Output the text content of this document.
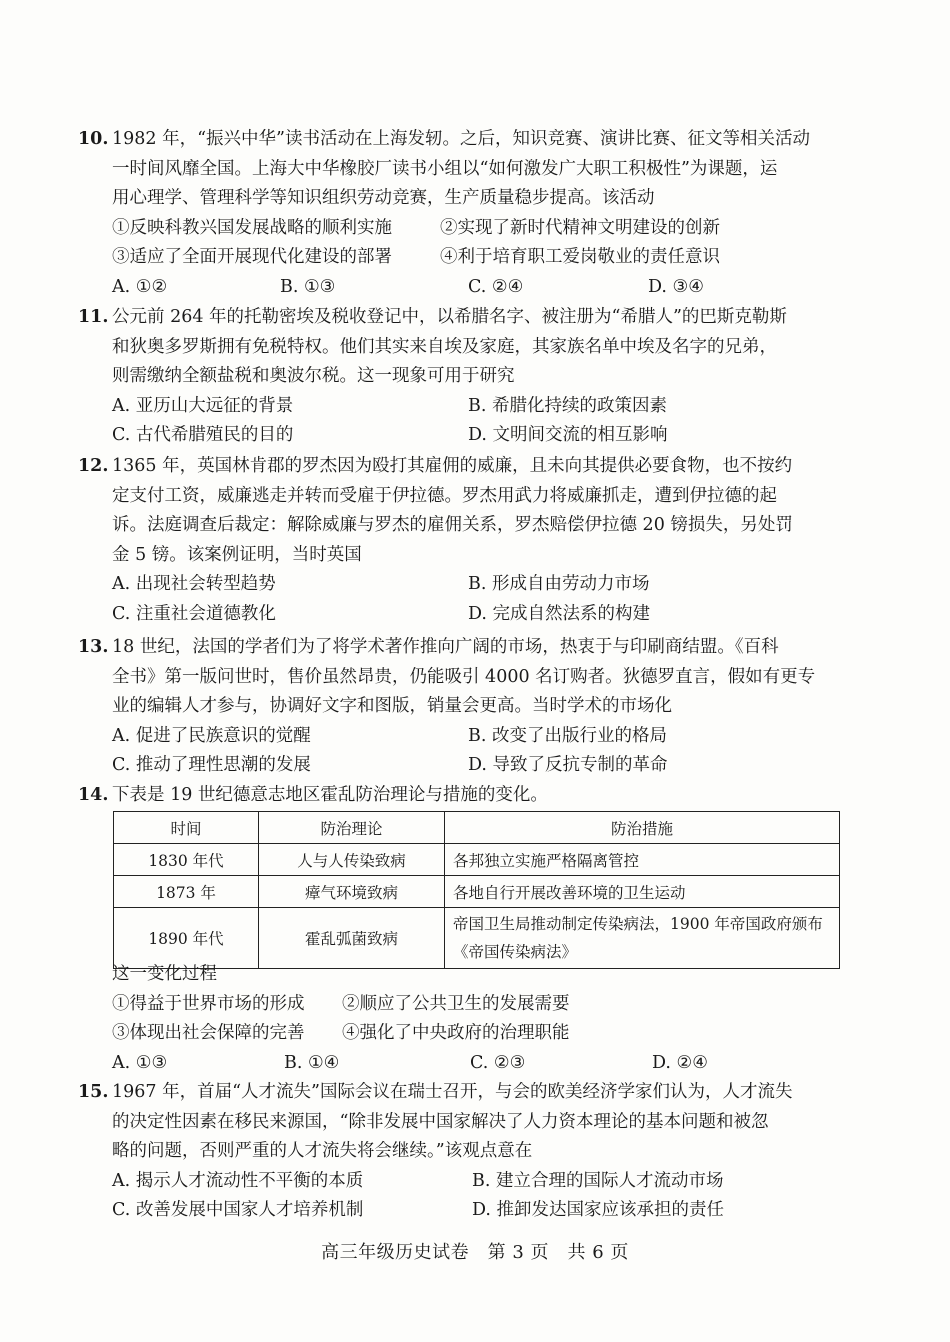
10. 1982 年，“振兴中华”读书活动在上海发轫。之后，知识竞赛、演讲比赛、征文等相关活动
一时间风靡全国。上海大中华橡胶厂读书小组以“如何激发广大职工积极性”为课题，运
用心理学、管理科学等知识组织劳动竞赛，生产质量稳步提高。该活动
①反映科教兴国发展战略的顺利实施	②实现了新时代精神文明建设的创新
③适应了全面开展现代化建设的部署	④利于培育职工爱岗敬业的责任意识
A. ①②	B. ①③	C. ②④	D. ③④
11. 公元前 264 年的托勒密埃及税收登记中，以希腊名字、被注册为“希腊人”的巴斯克勒斯
和狄奥多罗斯拥有免税特权。他们其实来自埃及家庭，其家族名单中埃及名字的兄弟，
则需缴纳全额盐税和奥波尔税。这一现象可用于研究
A. 亚历山大远征的背景	B. 希腊化持续的政策因素
C. 古代希腊殖民的目的	D. 文明间交流的相互影响
12. 1365 年，英国林肯郡的罗杰因为殴打其雇佣的威廉，且未向其提供必要食物，也不按约
定支付工资，威廉逃走并转而受雇于伊拉德。罗杰用武力将威廉抓走，遭到伊拉德的起
诉。法庭调查后裁定：解除威廉与罗杰的雇佣关系，罗杰赔偿伊拉德 20 镑损失，另处罚
金 5 镑。该案例证明，当时英国
A. 出现社会转型趋势	B. 形成自由劳动力市场
C. 注重社会道德教化	D. 完成自然法系的构建
13. 18 世纪，法国的学者们为了将学术著作推向广阔的市场，热衷于与印刷商结盟。《百科
全书》第一版问世时，售价虽然昂贵，仍能吸引 4000 名订购者。狄德罗直言，假如有更专
业的编辑人才参与，协调好文字和图版，销量会更高。当时学术的市场化
A. 促进了民族意识的觉醒	B. 改变了出版行业的格局
C. 推动了理性思潮的发展	D. 导致了反抗专制的革命
14. 下表是 19 世纪德意志地区霍乱防治理论与措施的变化。
时间	防治理论	防治措施
1830 年代	人与人传染致病	各邦独立实施严格隔离管控
1873 年	瘴气环境致病	各地自行开展改善环境的卫生运动
1890 年代	霍乱弧菌致病	帝国卫生局推动制定传染病法，1900 年帝国政府颁布《帝国传染病法》
这一变化过程
①得益于世界市场的形成 ②顺应了公共卫生的发展需要
③体现出社会保障的完善 ④强化了中央政府的治理职能
A. ①③	B. ①④	C. ②③	D. ②④
15. 1967 年，首届“人才流失”国际会议在瑞士召开，与会的欧美经济学家们认为，人才流失
的决定性因素在移民来源国，“除非发展中国家解决了人力资本理论的基本问题和被忽
略的问题，否则严重的人才流失将会继续。”该观点意在
A. 揭示人才流动性不平衡的本质	B. 建立合理的国际人才流动市场
C. 改善发展中国家人才培养机制	D. 推卸发达国家应该承担的责任
高三年级历史试卷　第 3 页　共 6 页
